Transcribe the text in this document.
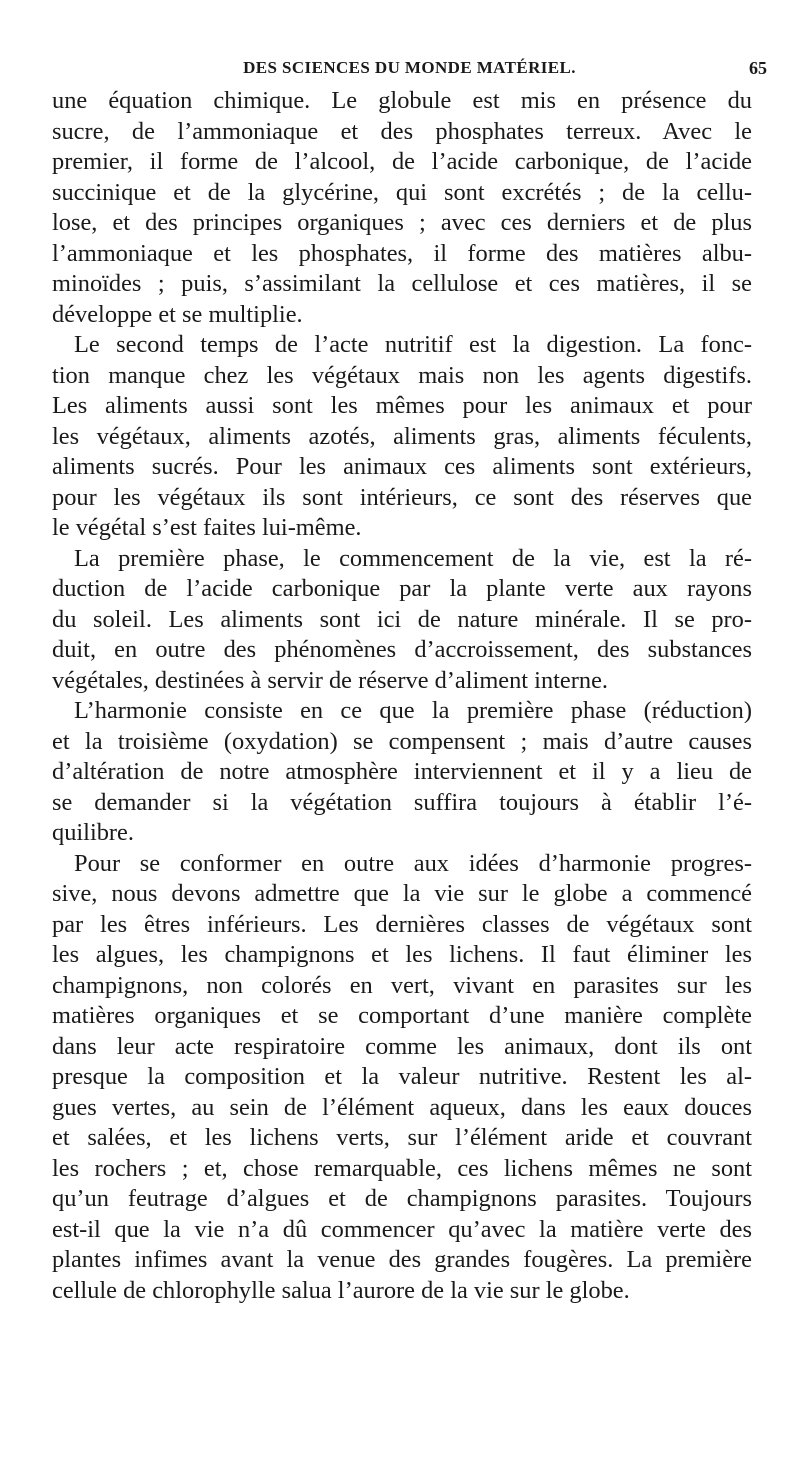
DES SCIENCES DU MONDE MATÉRIEL.	65
une équation chimique. Le globule est mis en présence du
sucre, de l’ammoniaque et des phosphates terreux. Avec le
premier, il forme de l’alcool, de l’acide carbonique, de l’acide
succinique et de la glycérine, qui sont excrétés ; de la cellu-
lose, et des principes organiques ; avec ces derniers et de plus
l’ammoniaque et les phosphates, il forme des matières albu-
minoïdes ; puis, s’assimilant la cellulose et ces matières, il se
développe et se multiplie.
Le second temps de l’acte nutritif est la digestion. La fonc-
tion manque chez les végétaux mais non les agents digestifs.
Les aliments aussi sont les mêmes pour les animaux et pour
les végétaux, aliments azotés, aliments gras, aliments féculents,
aliments sucrés. Pour les animaux ces aliments sont extérieurs,
pour les végétaux ils sont intérieurs, ce sont des réserves que
le végétal s’est faites lui-même.
La première phase, le commencement de la vie, est la ré-
duction de l’acide carbonique par la plante verte aux rayons
du soleil. Les aliments sont ici de nature minérale. Il se pro-
duit, en outre des phénomènes d’accroissement, des substances
végétales, destinées à servir de réserve d’aliment interne.
L’harmonie consiste en ce que la première phase (réduction)
et la troisième (oxydation) se compensent ; mais d’autre causes
d’altération de notre atmosphère interviennent et il y a lieu de
se demander si la végétation suffira toujours à établir l’é-
quilibre.
Pour se conformer en outre aux idées d’harmonie progres-
sive, nous devons admettre que la vie sur le globe a commencé
par les êtres inférieurs. Les dernières classes de végétaux sont
les algues, les champignons et les lichens. Il faut éliminer les
champignons, non colorés en vert, vivant en parasites sur les
matières organiques et se comportant d’une manière complète
dans leur acte respiratoire comme les animaux, dont ils ont
presque la composition et la valeur nutritive. Restent les al-
gues vertes, au sein de l’élément aqueux, dans les eaux douces
et salées, et les lichens verts, sur l’élément aride et couvrant
les rochers ; et, chose remarquable, ces lichens mêmes ne sont
qu’un feutrage d’algues et de champignons parasites. Toujours
est-il que la vie n’a dû commencer qu’avec la matière verte des
plantes infimes avant la venue des grandes fougères. La première
cellule de chlorophylle salua l’aurore de la vie sur le globe.
